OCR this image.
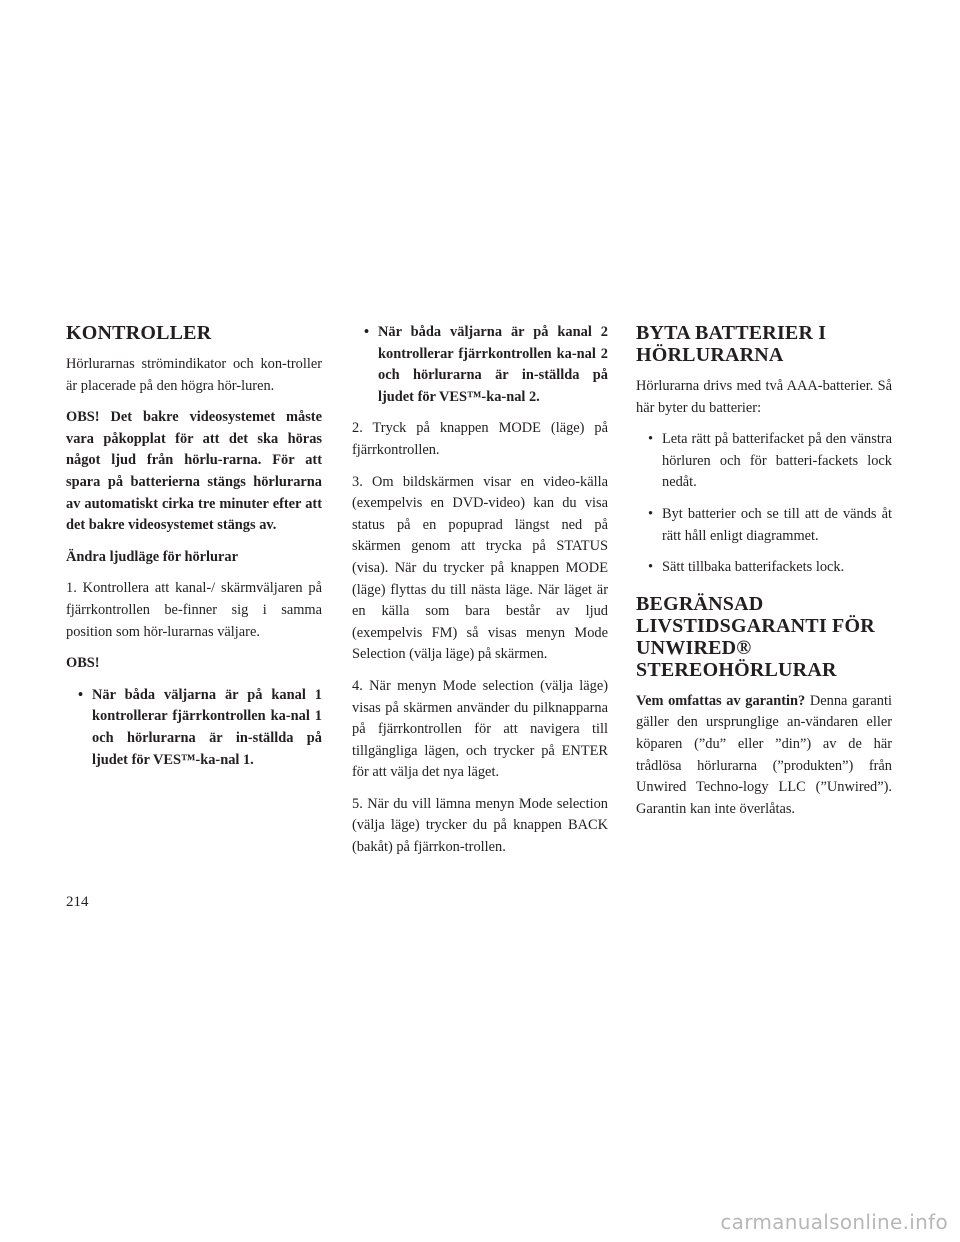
KONTROLLER

Hörlurarnas strömindikator och kon-troller är placerade på den högra hör-luren.

OBS! Det bakre videosystemet måste vara påkopplat för att det ska höras något ljud från hörlu-rarna. För att spara på batterierna stängs hörlurarna av automatiskt cirka tre minuter efter att det bakre videosystemet stängs av.

Ändra ljudläge för hörlurar

1. Kontrollera att kanal-/ skärmväljaren på fjärrkontrollen be-finner sig i samma position som hör-lurarnas väljare.

OBS!

• När båda väljarna är på kanal 1 kontrollerar fjärrkontrollen ka-nal 1 och hörlurarna är in-ställda på ljudet för VES™-ka-nal 1.
• När båda väljarna är på kanal 2 kontrollerar fjärrkontrollen ka-nal 2 och hörlurarna är in-ställda på ljudet för VES™-ka-nal 2.

2. Tryck på knappen MODE (läge) på fjärrkontrollen.

3. Om bildskärmen visar en video-källa (exempelvis en DVD-video) kan du visa status på en popuprad längst ned på skärmen genom att trycka på STATUS (visa). När du trycker på knappen MODE (läge) flyttas du till nästa läge. När läget är en källa som bara består av ljud (exempelvis FM) så visas menyn Mode Selection (välja läge) på skärmen.

4. När menyn Mode selection (välja läge) visas på skärmen använder du pilknapparna på fjärrkontrollen för att navigera till tillgängliga lägen, och trycker på ENTER för att välja det nya läget.

5. När du vill lämna menyn Mode selection (välja läge) trycker du på knappen BACK (bakåt) på fjärrkon-trollen.

BYTA BATTERIER I
HÖRLURARNA

Hörlurarna drivs med två AAA-batterier. Så här byter du batterier:

• Leta rätt på batterifacket på den vänstra hörluren och för batteri-fackets lock nedåt.
• Byt batterier och se till att de vänds åt rätt håll enligt diagrammet.
• Sätt tillbaka batterifackets lock.
BEGRÄNSAD
LIVSTIDSGARANTI FÖR
UNWIRED®
STEREOHÖRLURAR

Vem omfattas av garantin? Denna garanti gäller den ursprunglige an-vändaren eller köparen (”du” eller ”din”) av de här trådlösa hörlurarna (”produkten”) från Unwired Techno-logy LLC (”Unwired”). Garantin kan inte överlåtas.

214
carmanualsonline.info
